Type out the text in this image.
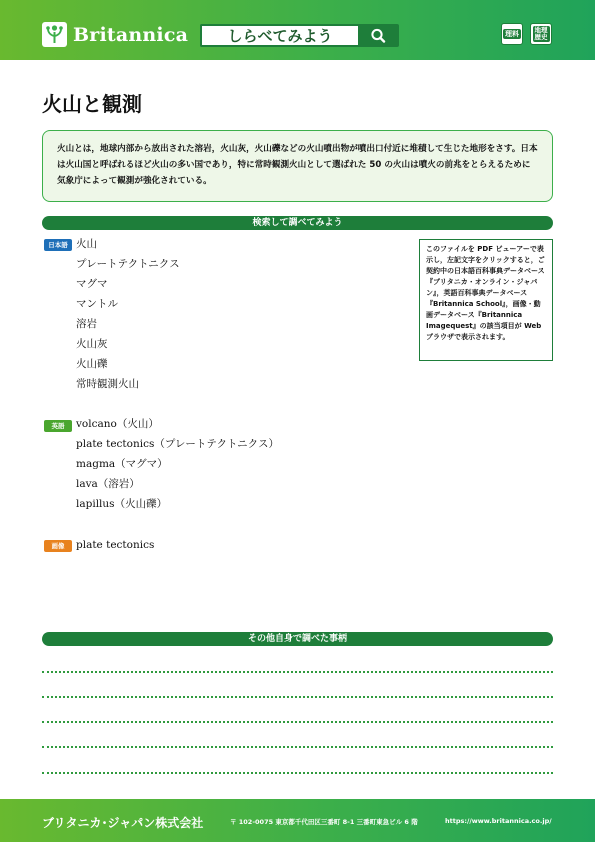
Britannica	しらべてみよう	理料	地理
歴史
火山と観測
火山とは，地球内部から放出された溶岩，火山灰，火山礫などの火山噴出物が噴出口付近に堆積して生じた地形をさす。日本は火山国と呼ばれるほど火山の多い国であり，特に常時観測火山として選ばれた 50 の火山は噴火の前兆をとらえるために気象庁によって観測が強化されている。
検索して調べてみよう
日本語 火山
プレートテクトニクス
マグマ
マントル
溶岩
火山灰
火山礫
常時観測火山
このファイルを PDF ビューアーで表示し，左記文字をクリックすると，ご契約中の日本語百科事典データベース『ブリタニカ・オンライン・ジャパン』，英語百科事典データベース『Britannica School』，画像・動画データベース『Britannica Imagequest』の該当項目が Web ブラウザで表示されます。
英語	volcano（火山）
plate tectonics（プレートテクトニクス）
magma（マグマ）
lava（溶岩）
lapillus（火山礫）
画像	plate tectonics
その他自身で調べた事柄
ブリタニカ･ジャパン株式会社	〒 102-0075 東京都千代田区三番町 8-1 三番町東急ビル 6 階	https://www.britannica.co.jp/
